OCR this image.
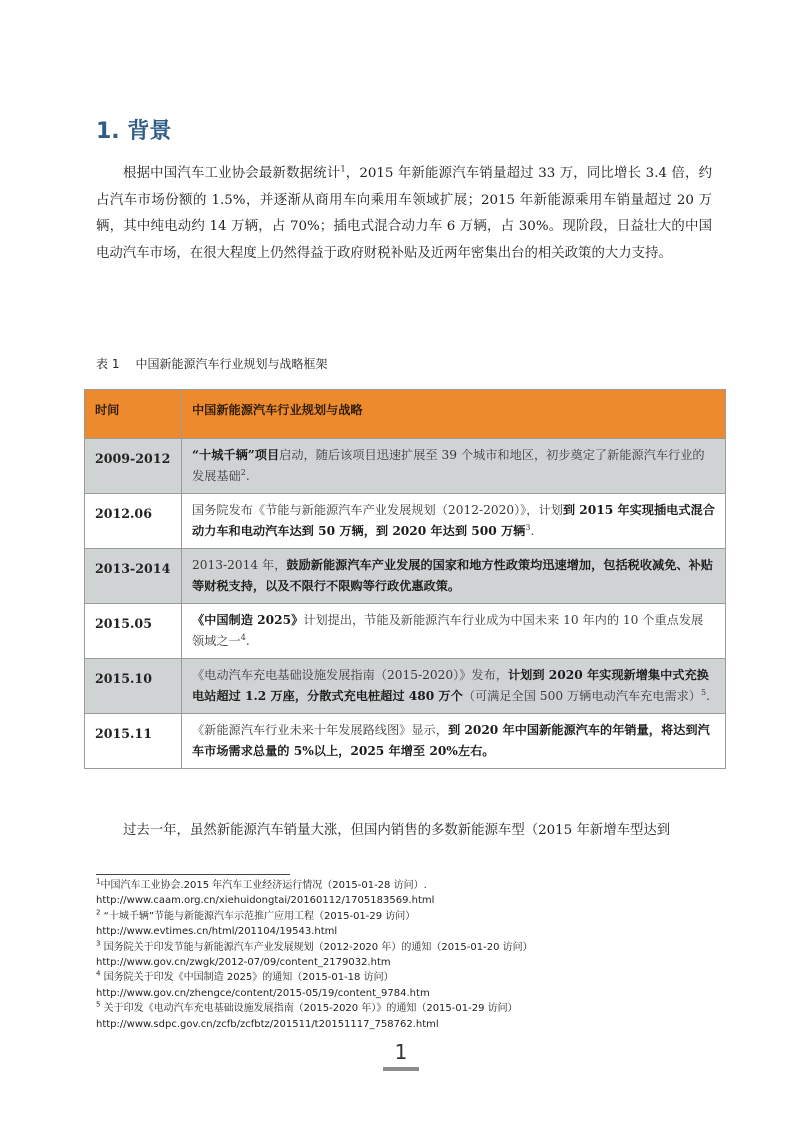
1. 背景

根据中国汽车工业协会最新数据统计$^1$，2015 年新能源汽车销量超过 33 万，同比增长 3.4 倍，约占汽车市场份额的 1.5%，并逐渐从商用车向乘用车领域扩展；2015 年新能源乘用车销量超过 20 万辆，其中纯电动约 14 万辆，占 70%；插电式混合动力车 6 万辆，占 30%。现阶段，日益壮大的中国电动汽车市场，在很大程度上仍然得益于政府财税补贴及近两年密集出台的相关政策的大力支持。

表 1 中国新能源汽车行业规划与战略框架
时间	中国新能源汽车行业规划与战略
2009-2012	“十城千辆”项目启动，随后该项目迅速扩展至 39 个城市和地区，初步奠定了新能源汽车行业的发展基础$^2$.
2012.06	国务院发布《节能与新能源汽车产业发展规划（2012-2020）》，计划到 2015 年实现插电式混合动力车和电动汽车达到 50 万辆，到 2020 年达到 500 万辆$^3$.
2013-2014	2013-2014 年，鼓励新能源汽车产业发展的国家和地方性政策均迅速增加，包括税收减免、补贴等财税支持，以及不限行不限购等行政优惠政策。
2015.05	《中国制造 2025》计划提出，节能及新能源汽车行业成为中国未来 10 年内的 10 个重点发展领域之一$^4$.
2015.10	《电动汽车充电基础设施发展指南（2015-2020）》发布，计划到 2020 年实现新增集中式充换电站超过 1.2 万座，分散式充电桩超过 480 万个（可满足全国 500 万辆电动汽车充电需求）$^5$.
2015.11	《新能源汽车行业未来十年发展路线图》显示，到 2020 年中国新能源汽车的年销量，将达到汽车市场需求总量的 5%以上，2025 年增至 20%左右。

过去一年，虽然新能源汽车销量大涨，但国内销售的多数新能源车型（2015 年新增车型达到

$^1$中国汽车工业协会.2015 年汽车工业经济运行情况（2015-01-28 访问）.
http://www.caam.org.cn/xiehuidongtai/20160112/1705183569.html
$^2$ “十城千辆”节能与新能源汽车示范推广应用工程（2015-01-29 访问）
http://www.evtimes.cn/html/201104/19543.html
$^3$ 国务院关于印发节能与新能源汽车产业发展规划（2012-2020 年）的通知（2015-01-20 访问）
http://www.gov.cn/zwgk/2012-07/09/content_2179032.htm
$^4$ 国务院关于印发《中国制造 2025》的通知（2015-01-18 访问）
http://www.gov.cn/zhengce/content/2015-05/19/content_9784.htm
$^5$ 关于印发《电动汽车充电基础设施发展指南（2015-2020 年）》的通知（2015-01-29 访问）
http://www.sdpc.gov.cn/zcfb/zcfbtz/201511/t20151117_758762.html
1
